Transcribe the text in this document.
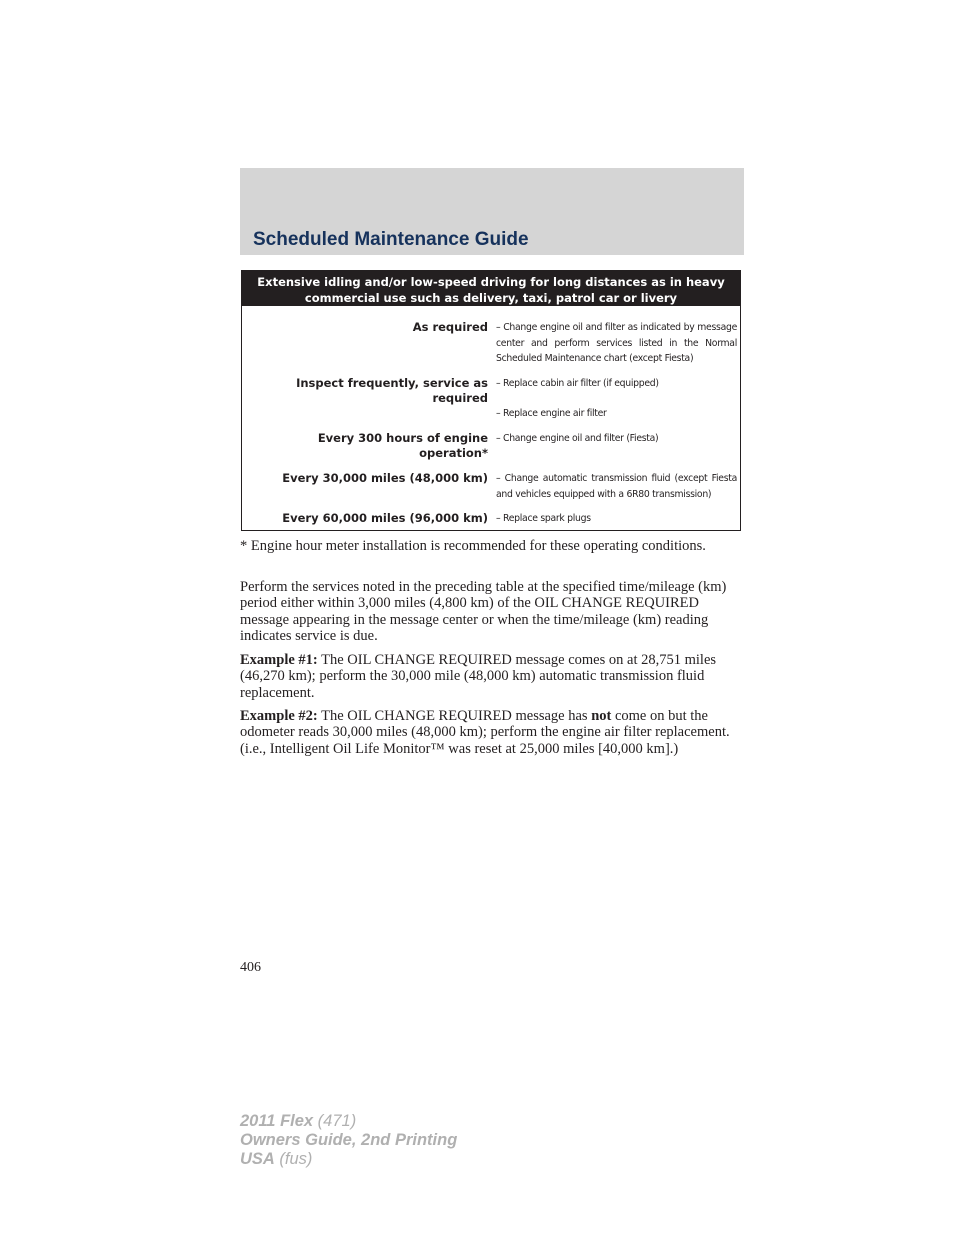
Scheduled Maintenance Guide
Extensive idling and/or low-speed driving for long distances as in heavy commercial use such as delivery, taxi, patrol car or livery
As required – Change engine oil and filter as indicated by message center and perform services listed in the Normal Scheduled Maintenance chart (except Fiesta)
Inspect frequently, service as required
– Replace cabin air filter (if equipped)
– Replace engine air filter
Every 300 hours of engine operation*
– Change engine oil and filter (Fiesta)
Every 30,000 miles (48,000 km) – Change automatic transmission fluid (except Fiesta and vehicles equipped with a 6R80 transmission)
Every 60,000 miles (96,000 km) – Replace spark plugs

* Engine hour meter installation is recommended for these operating conditions.

Perform the services noted in the preceding table at the specified time/mileage (km) period either within 3,000 miles (4,800 km) of the OIL CHANGE REQUIRED message appearing in the message center or when the time/mileage (km) reading indicates service is due.

Example #1: The OIL CHANGE REQUIRED message comes on at 28,751 miles (46,270 km); perform the 30,000 mile (48,000 km) automatic transmission fluid replacement.

Example #2: The OIL CHANGE REQUIRED message has not come on but the odometer reads 30,000 miles (48,000 km); perform the engine air filter replacement. (i.e., Intelligent Oil Life Monitor™ was reset at 25,000 miles [40,000 km].)

406
2011 Flex (471)
Owners Guide, 2nd Printing
USA (fus)
